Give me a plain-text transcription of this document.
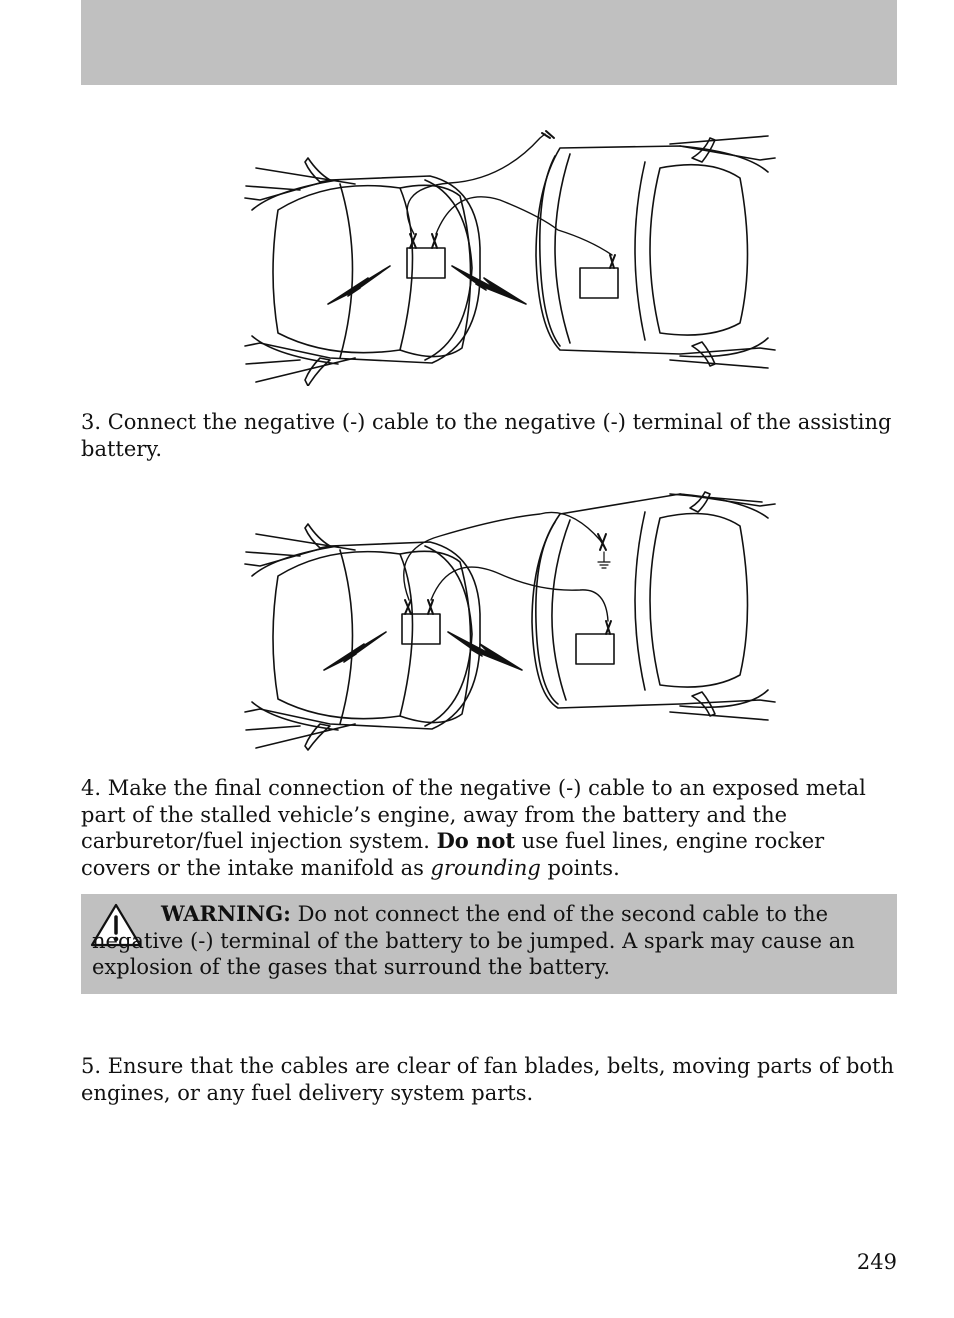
3. Connect the negative (-) cable to the negative (-) terminal of the assisting battery.

4. Make the final connection of the negative (-) cable to an exposed metal part of the stalled vehicle’s engine, away from the battery and the carburetor/fuel injection system. Do not use fuel lines, engine rocker covers or the intake manifold as grounding points.

WARNING: Do not connect the end of the second cable to the negative (-) terminal of the battery to be jumped. A spark may cause an explosion of the gases that surround the battery.

5. Ensure that the cables are clear of fan blades, belts, moving parts of both engines, or any fuel delivery system parts.

249
